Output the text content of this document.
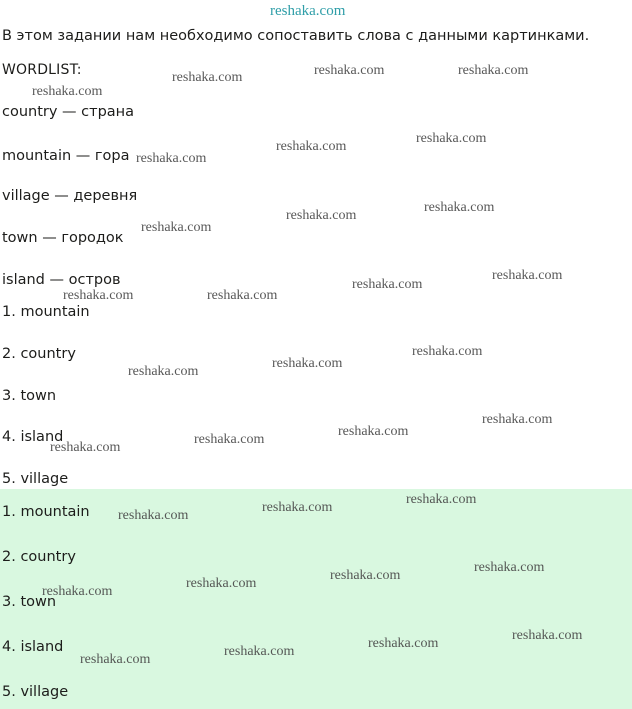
reshaka.com
reshaka.com	reshaka.com	reshaka.com
reshaka.com
reshaka.com
reshaka.com
reshaka.com
reshaka.com
reshaka.com
reshaka.com
reshaka.com
reshaka.com
reshaka.com	reshaka.com
reshaka.com
reshaka.com
reshaka.com
reshaka.com
reshaka.com
reshaka.com
reshaka.com
reshaka.com
reshaka.com
reshaka.com
reshaka.com
reshaka.com
reshaka.com
reshaka.com
reshaka.com
reshaka.com
reshaka.com
reshaka.com
В этом задании нам необходимо сопоставить слова с данными картинками.
WORDLIST:
country — страна
mountain — гора
village — деревня
town — городок
island — остров
1. mountain
2. country
3. town
4. island
5. village
1. mountain
2. country
3. town
4. island
5. village
